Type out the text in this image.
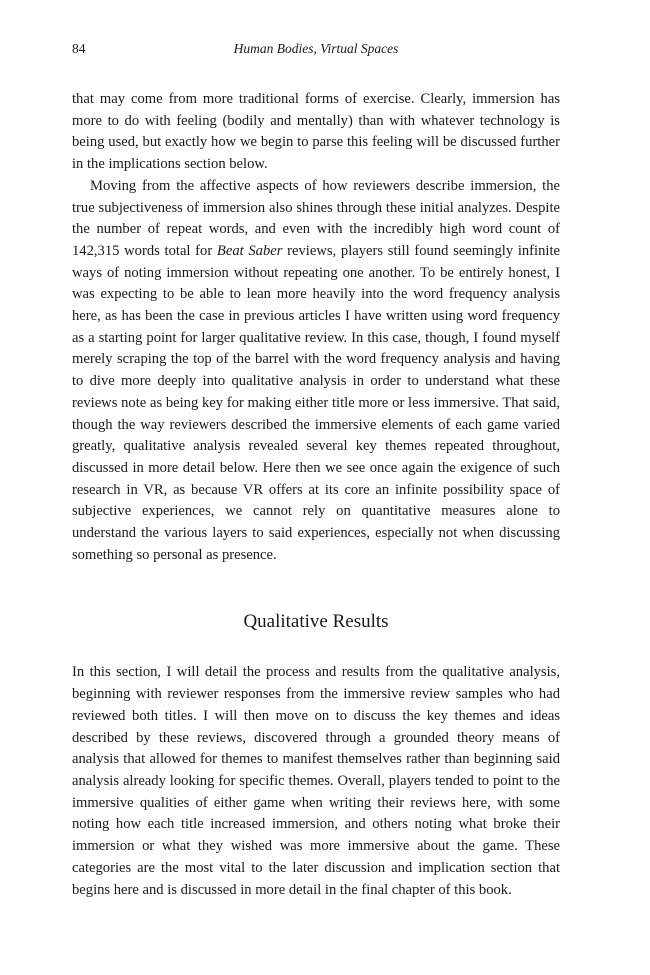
84	Human Bodies, Virtual Spaces

that may come from more traditional forms of exercise. Clearly, immersion has more to do with feeling (bodily and mentally) than with whatever technology is being used, but exactly how we begin to parse this feeling will be discussed further in the implications section below.

Moving from the affective aspects of how reviewers describe immersion, the true subjectiveness of immersion also shines through these initial analyzes. Despite the number of repeat words, and even with the incredibly high word count of 142,315 words total for Beat Saber reviews, players still found seemingly infinite ways of noting immersion without repeating one another. To be entirely honest, I was expecting to be able to lean more heavily into the word frequency analysis here, as has been the case in previous articles I have written using word frequency as a starting point for larger qualitative review. In this case, though, I found myself merely scraping the top of the barrel with the word frequency analysis and having to dive more deeply into qualitative analysis in order to understand what these reviews note as being key for making either title more or less immersive. That said, though the way reviewers described the immersive elements of each game varied greatly, qualitative analysis revealed several key themes repeated throughout, discussed in more detail below. Here then we see once again the exigence of such research in VR, as because VR offers at its core an infinite possibility space of subjective experiences, we cannot rely on quantitative measures alone to understand the various layers to said experiences, especially not when discussing something so personal as presence.

Qualitative Results

In this section, I will detail the process and results from the qualitative analysis, beginning with reviewer responses from the immersive review samples who had reviewed both titles. I will then move on to discuss the key themes and ideas described by these reviews, discovered through a grounded theory means of analysis that allowed for themes to manifest themselves rather than beginning said analysis already looking for specific themes. Overall, players tended to point to the immersive qualities of either game when writing their reviews here, with some noting how each title increased immersion, and others noting what broke their immersion or what they wished was more immersive about the game. These categories are the most vital to the later discussion and implication section that begins here and is discussed in more detail in the final chapter of this book.
